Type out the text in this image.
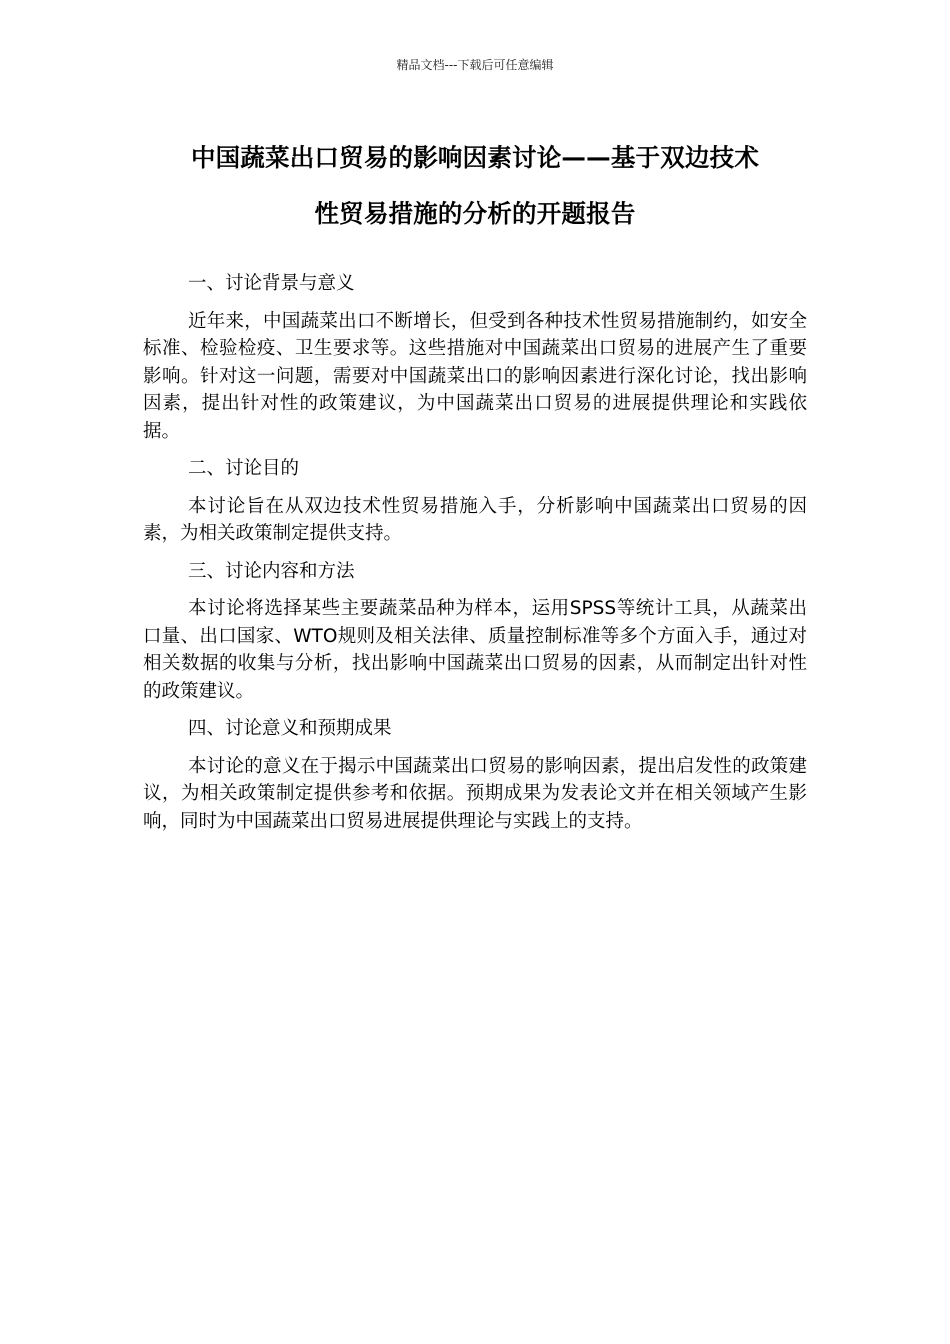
精品文档---下载后可任意编辑
中国蔬菜出口贸易的影响因素讨论——基于双边技术
性贸易措施的分析的开题报告

一、讨论背景与意义

近年来，中国蔬菜出口不断增长，但受到各种技术性贸易措施制约，如安全标准、检验检疫、卫生要求等。这些措施对中国蔬菜出口贸易的进展产生了重要影响。针对这一问题，需要对中国蔬菜出口的影响因素进行深化讨论，找出影响因素，提出针对性的政策建议，为中国蔬菜出口贸易的进展提供理论和实践依据。

二、讨论目的

本讨论旨在从双边技术性贸易措施入手，分析影响中国蔬菜出口贸易的因素，为相关政策制定提供支持。

三、讨论内容和方法

本讨论将选择某些主要蔬菜品种为样本，运用SPSS等统计工具，从蔬菜出口量、出口国家、WTO规则及相关法律、质量控制标准等多个方面入手，通过对相关数据的收集与分析，找出影响中国蔬菜出口贸易的因素，从而制定出针对性的政策建议。

四、讨论意义和预期成果

本讨论的意义在于揭示中国蔬菜出口贸易的影响因素，提出启发性的政策建议，为相关政策制定提供参考和依据。预期成果为发表论文并在相关领域产生影响，同时为中国蔬菜出口贸易进展提供理论与实践上的支持。
